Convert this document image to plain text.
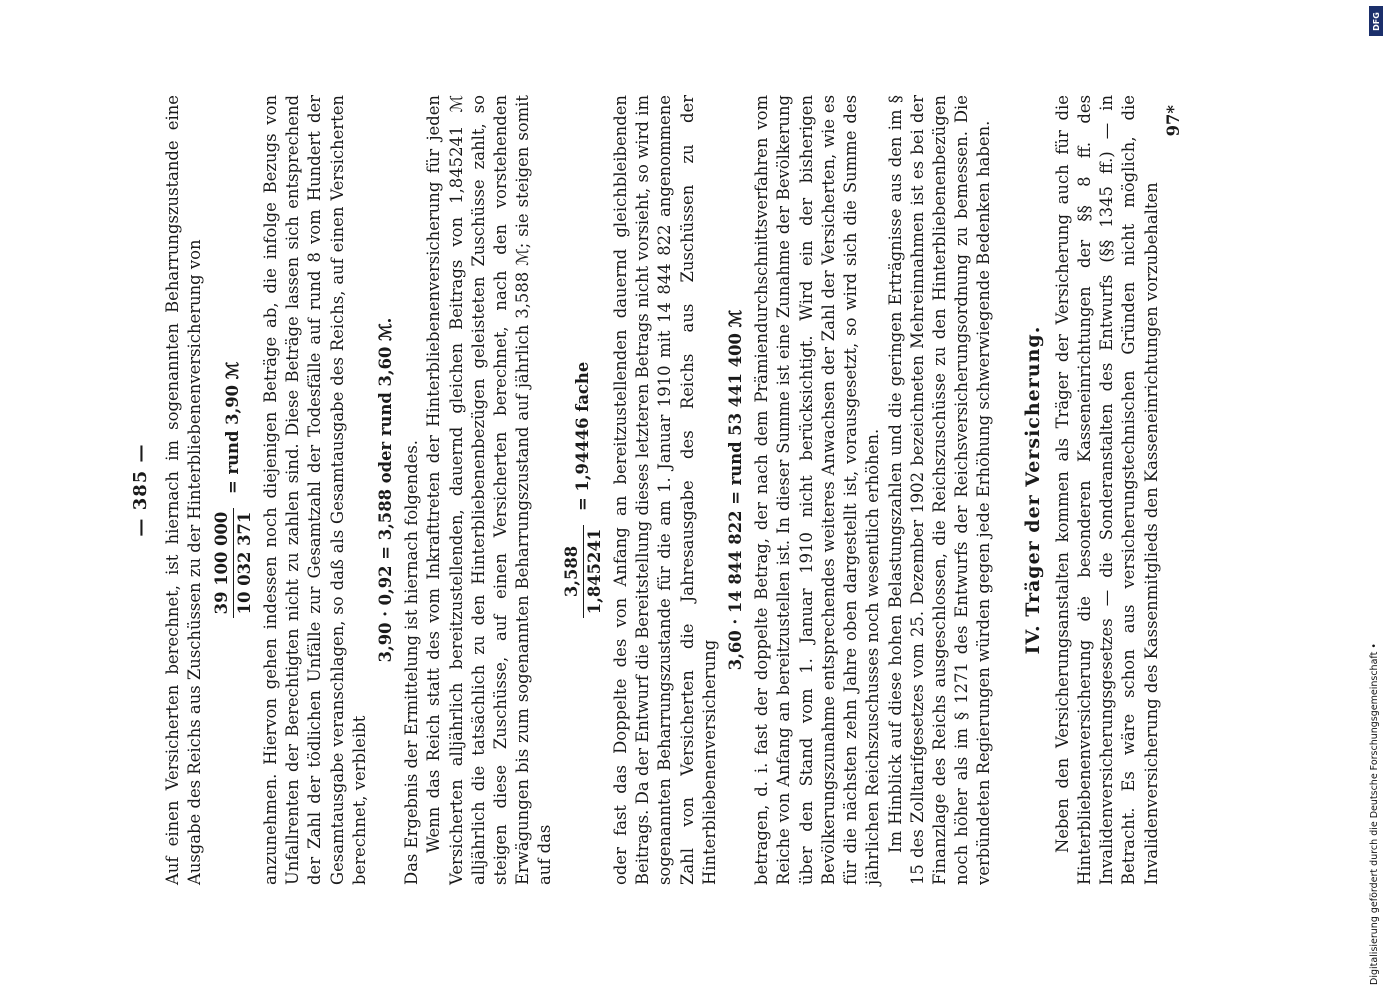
— 385 — Auf einen Versicherten berechnet, ist hiernach im sogenannten Beharrungszustande eine Ausgabe des Reichs aus Zuschüssen zu der Hinterbliebenenversicherung von 39 100 000 10 032 371
= rund 3,90 ℳ	anzunehmen. Hiervon gehen indessen noch diejenigen Beträge ab, die infolge Bezugs von Unfallrenten der Berechtigten nicht zu zahlen sind. Diese Beträge lassen sich entsprechend der Zahl der tödlichen Unfälle zur Gesamtzahl der Todesfälle auf rund 8 vom Hundert der Gesamtausgabe veranschlagen, so daß als Gesamtausgabe des Reichs, auf einen Versicherten berechnet, verbleibt

3,90 · 0,92 = 3,588 oder rund 3,60 ℳ. Das Ergebnis der Ermittelung ist hiernach folgendes. Wenn das Reich statt des vom Inkrafttreten der Hinterbliebenenversicherung für jeden Versicherten alljährlich bereitzustellenden, dauernd gleichen Beitrags von 1,845241 ℳ alljährlich die tatsächlich zu den Hinterbliebenenbezügen geleisteten Zuschüsse zahlt, so steigen diese Zuschüsse, auf einen Versicherten berechnet, nach den vorstehenden Erwägungen bis zum sogenannten Beharrungszustand auf jährlich 3,588 ℳ; sie steigen somit auf das

3,588 1,845241
= 1,94446 fache	oder fast das Doppelte des von Anfang an bereitzustellenden dauernd gleichbleibenden Beitrags. Da der Entwurf die Bereitstellung dieses letzteren Betrags nicht vorsieht, so wird im sogenannten Beharrungszustande für die am 1. Januar 1910 mit 14 844 822 angenommene Zahl von Versicherten die Jahresausgabe des Reichs aus Zuschüssen zu der Hinterbliebenenversicherung

3,60 · 14 844 822 = rund 53 441 400 ℳ betragen, d. i. fast der doppelte Betrag, der nach dem Prämiendurchschnittsverfahren vom Reiche von Anfang an bereitzustellen ist. In dieser Summe ist eine Zunahme der Bevölkerung über den Stand vom 1. Januar 1910 nicht berücksichtigt. Wird ein der bisherigen Bevölkerungszunahme entsprechendes weiteres Anwachsen der Zahl der Versicherten, wie es für die nächsten zehn Jahre oben dargestellt ist, vorausgesetzt, so wird sich die Summe des jährlichen Reichszuschusses noch wesentlich erhöhen. Im Hinblick auf diese hohen Belastungszahlen und die geringen Erträgnisse aus den im § 15 des Zolltarifgesetzes vom 25. Dezember 1902 bezeichneten Mehreinnahmen ist es bei der Finanzlage des Reichs ausgeschlossen, die Reichszuschüsse zu den Hinterbliebenenbezügen noch höher als im § 1271 des Entwurfs der Reichsversicherungsordnung zu bemessen. Die verbündeten Regierungen würden gegen jede Erhöhung schwerwiegende Bedenken haben. IV. Träger der Versicherung. Neben den Versicherungsanstalten kommen als Träger der Versicherung auch für die Hinterbliebenenversicherung die besonderen Kasseneinrichtungen der §§ 8 ff. des Invalidenversicherungsgesetzes — die Sonderanstalten des Entwurfs (§§ 1345 ff.) — in Betracht. Es wäre schon aus versicherungstechnischen Gründen nicht möglich, die Invalidenversicherung des Kassenmitglieds den Kasseneinrichtungen vorzubehalten

97*
Digitalisierung gefördert durch die Deutsche Forschungsgemeinschaft •
DFG
